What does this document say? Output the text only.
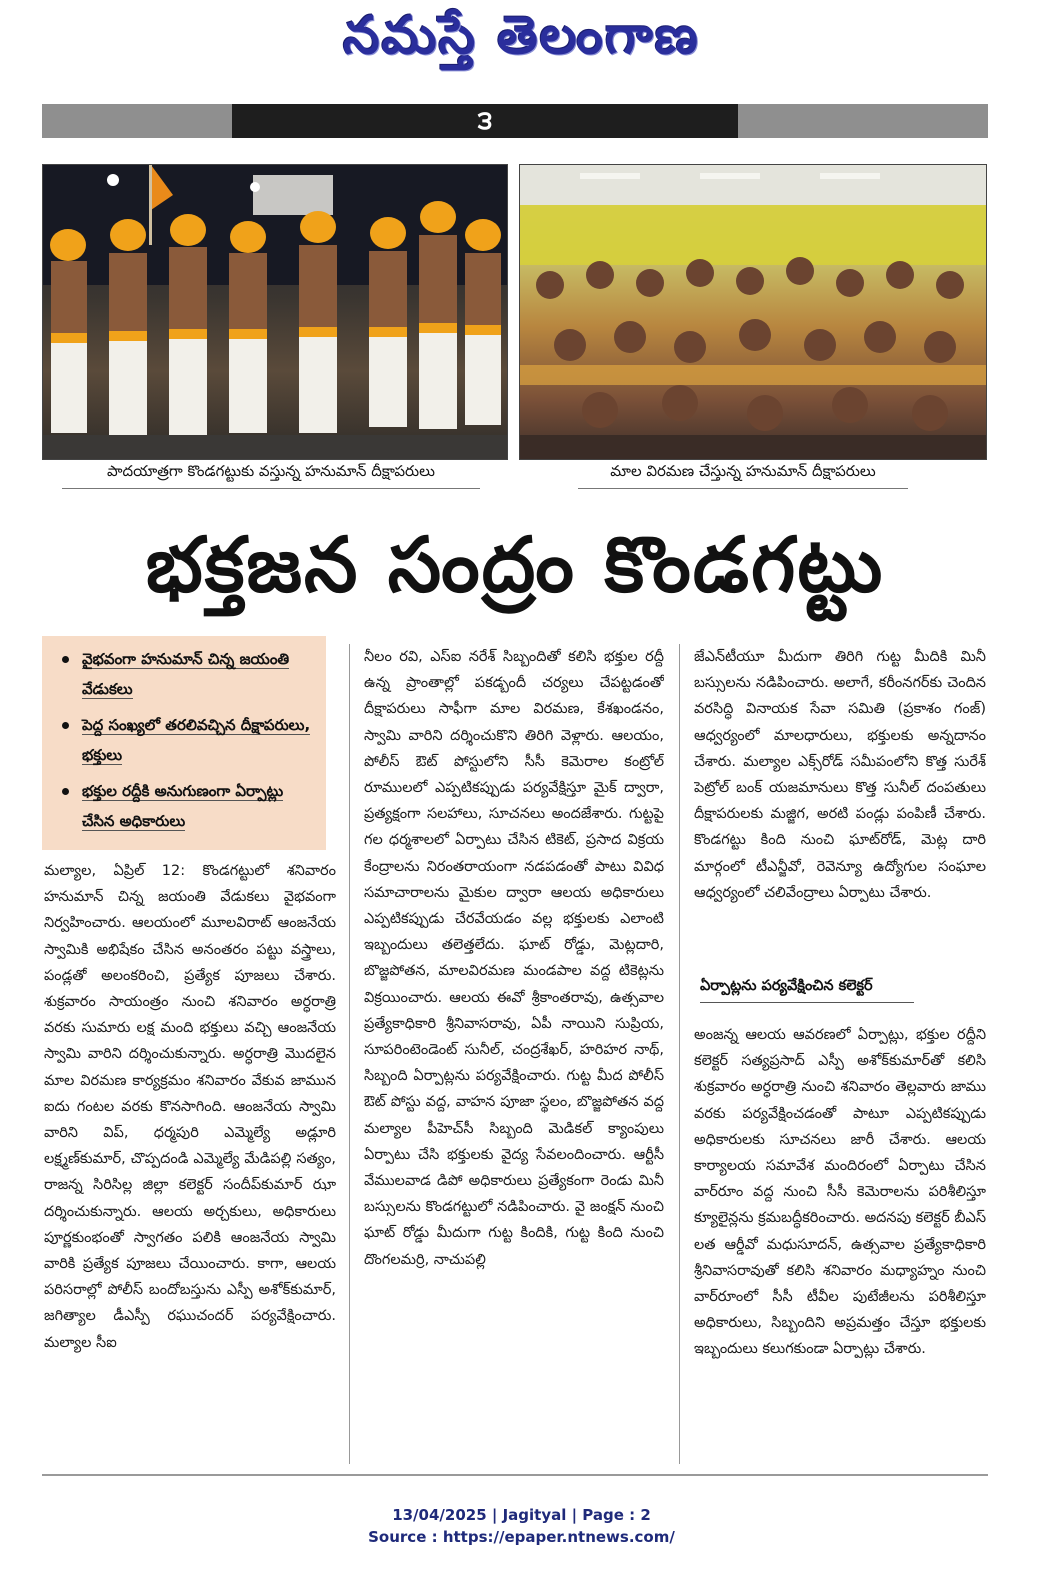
నమస్తే తెలంగాణ
౩
పాదయాత్రగా కొండగట్టుకు వస్తున్న హనుమాన్ దీక్షాపరులు	మాల విరమణ చేస్తున్న హనుమాన్ దీక్షాపరులు
భక్తజన సంద్రం కొండగట్టు
వైభవంగా హనుమాన్ చిన్న జయంతి వేడుకలు
పెద్ద సంఖ్యలో తరలివచ్చిన దీక్షాపరులు, భక్తులు
భక్తుల రద్దీకి అనుగుణంగా ఏర్పాట్లు చేసిన అధికారులు
మల్యాల, ఏప్రిల్ 12: కొండగట్టులో శనివారం హనుమాన్ చిన్న జయంతి వేడుకలు వైభవంగా నిర్వహించారు. ఆలయంలో మూలవిరాట్ ఆంజనేయ స్వామికి అభిషేకం చేసిన అనంతరం పట్టు వస్త్రాలు, పండ్లతో అలంకరించి, ప్రత్యేక పూజలు చేశారు. శుక్రవారం సాయంత్రం నుంచి శనివారం అర్ధరాత్రి వరకు సుమారు లక్ష మంది భక్తులు వచ్చి ఆంజనేయ స్వామి వారిని దర్శించుకున్నారు. అర్ధరాత్రి మొదలైన మాల విరమణ కార్యక్రమం శనివారం వేకువ జామున ఐదు గంటల వరకు కొనసాగింది. ఆంజనేయ స్వామి వారిని విప్, ధర్మపురి ఎమ్మెల్యే అడ్లూరి లక్ష్మణ్‌కుమార్, చొప్పదండి ఎమ్మెల్యే మేడిపల్లి సత్యం, రాజన్న సిరిసిల్ల జిల్లా కలెక్టర్ సందీప్‌కుమార్ ఝా దర్శించుకున్నారు. ఆలయ అర్చకులు, అధికారులు పూర్ణకుంభంతో స్వాగతం పలికి ఆంజనేయ స్వామి వారికి ప్రత్యేక పూజలు చేయించారు. కాగా, ఆలయ పరిసరాల్లో పోలీస్ బందోబస్తును ఎస్పీ అశోక్‌కుమార్, జగిత్యాల డీఎస్పీ రఘుచందర్ పర్యవేక్షించారు. మల్యాల సీఐ
నీలం రవి, ఎస్ఐ నరేశ్ సిబ్బందితో కలిసి భక్తుల రద్దీ ఉన్న ప్రాంతాల్లో పకడ్బందీ చర్యలు చేపట్టడంతో దీక్షాపరులు సాఫీగా మాల విరమణ, కేశఖండనం, స్వామి వారిని దర్శించుకొని తిరిగి వెళ్లారు. ఆలయం, పోలీస్ ఔట్ పోస్టులోని సీసీ కెమెరాల కంట్రోల్ రూములలో ఎప్పటికప్పుడు పర్యవేక్షిస్తూ మైక్ ద్వారా, ప్రత్యక్షంగా సలహాలు, సూచనలు అందజేశారు. గుట్టపై గల ధర్మశాలలో ఏర్పాటు చేసిన టికెట్, ప్రసాద విక్రయ కేంద్రాలను నిరంతరాయంగా నడపడంతో పాటు వివిధ సమాచారాలను మైకుల ద్వారా ఆలయ అధికారులు ఎప్పటికప్పుడు చేరవేయడం వల్ల భక్తులకు ఎలాంటి ఇబ్బందులు తలెత్తలేదు. ఘాట్ రోడ్డు, మెట్లదారి, బొజ్జపోతన, మాలవిరమణ మండపాల వద్ద టికెట్లను విక్రయించారు. ఆలయ ఈవో శ్రీకాంతరావు, ఉత్సవాల ప్రత్యేకాధికారి శ్రీనివాసరావు, ఏపీ నాయిని సుప్రియ, సూపరింటెండెంట్ సునీల్, చంద్రశేఖర్, హరిహర నాథ్, సిబ్బంది ఏర్పాట్లను పర్యవేక్షించారు. గుట్ట మీద పోలీస్ ఔట్ పోస్టు వద్ద, వాహన పూజా స్థలం, బొజ్జపోతన వద్ద మల్యాల పీహెచ్‌సీ సిబ్బంది మెడికల్ క్యాంపులు ఏర్పాటు చేసి భక్తులకు వైద్య సేవలందించారు. ఆర్టీసీ వేములవాడ డిపో అధికారులు ప్రత్యేకంగా రెండు మినీ బస్సులను కొండగట్టులో నడిపించారు. వై జంక్షన్ నుంచి ఘాట్ రోడ్డు మీదుగా గుట్ట కిందికి, గుట్ట కింది నుంచి దొంగలమర్రి, నాచుపల్లి
జేఎన్‌టీయూ మీదుగా తిరిగి గుట్ట మీదికి మినీ బస్సులను నడిపించారు. అలాగే, కరీంనగర్‌కు చెందిన వరసిద్ధి వినాయక సేవా సమితి (ప్రకాశం గంజ్) ఆధ్వర్యంలో మాలధారులు, భక్తులకు అన్నదానం చేశారు. మల్యాల ఎక్స్‌రోడ్ సమీపంలోని కొత్త సురేశ్ పెట్రోల్ బంక్ యజమానులు కొత్త సునీల్ దంపతులు దీక్షాపరులకు మజ్జిగ, అరటి పండ్లు పంపిణీ చేశారు. కొండగట్టు కింది నుంచి ఘాట్‌రోడ్, మెట్ల దారి మార్గంలో టీఎన్జీవో, రెవెన్యూ ఉద్యోగుల సంఘాల ఆధ్వర్యంలో చలివేంద్రాలు ఏర్పాటు చేశారు.
ఏర్పాట్లను పర్యవేక్షించిన కలెక్టర్
అంజన్న ఆలయ ఆవరణలో ఏర్పాట్లు, భక్తుల రద్దీని కలెక్టర్ సత్యప్రసాద్ ఎస్పీ అశోక్‌కుమార్‌తో కలిసి శుక్రవారం అర్ధరాత్రి నుంచి శనివారం తెల్లవారు జాము వరకు పర్యవేక్షించడంతో పాటూ ఎప్పటికప్పుడు అధికారులకు సూచనలు జారీ చేశారు. ఆలయ కార్యాలయ సమావేశ మందిరంలో ఏర్పాటు చేసిన వార్‌రూం వద్ద నుంచి సీసీ కెమెరాలను పరిశీలిస్తూ క్యూలైన్లను క్రమబద్ధీకరించారు. అదనపు కలెక్టర్ బీఎస్ లత ఆర్డీవో మధుసూదన్, ఉత్సవాల ప్రత్యేకాధికారి శ్రీనివాసరావుతో కలిసి శనివారం మధ్యాహ్నం నుంచి వార్‌రూంలో సీసీ టీవీల పుటేజీలను పరిశీలిస్తూ అధికారులు, సిబ్బందిని అప్రమత్తం చేస్తూ భక్తులకు ఇబ్బందులు కలుగకుండా ఏర్పాట్లు చేశారు.
13/04/2025 | Jagityal | Page : 2
Source : https://epaper.ntnews.com/
